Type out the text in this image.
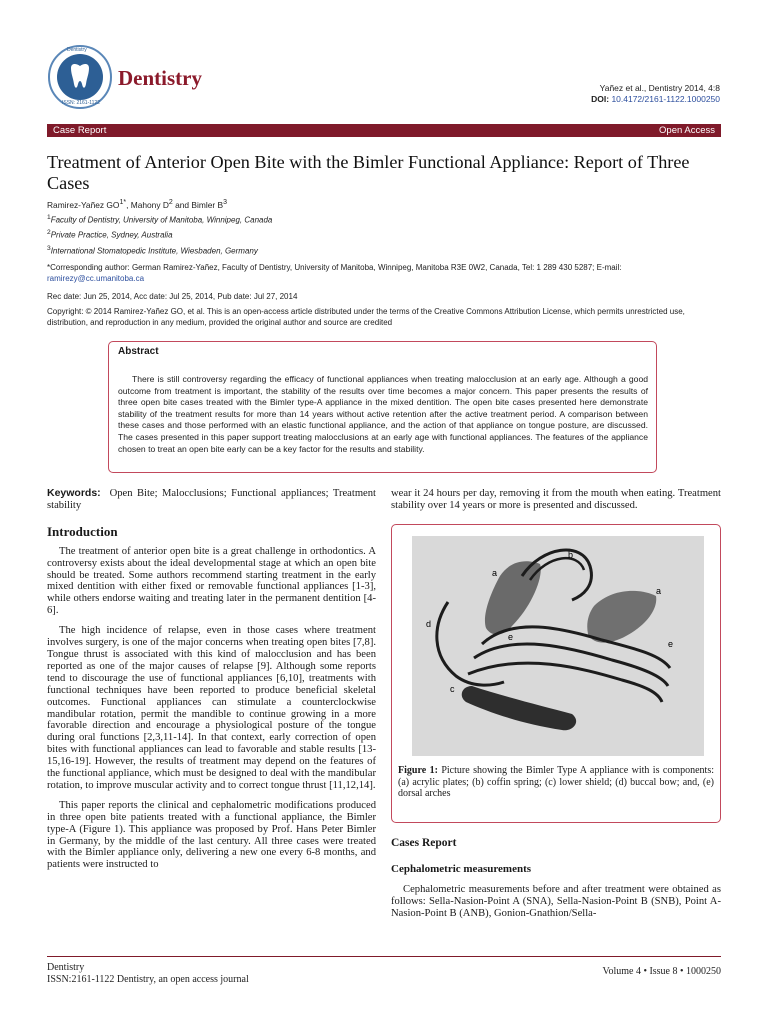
Dentistry
ISSN: 2161-1122
Dentistry	Yañez et al., Dentistry 2014, 4:8
DOI: 10.4172/2161-1122.1000250
Case Report	Open Access
Treatment of Anterior Open Bite with the Bimler Functional Appliance: Report of Three Cases
Ramirez-Yañez $GO^{1*}$, Mahony $D^2$ and Bimler $B^3$
$^1$Faculty of Dentistry, University of Manitoba, Winnipeg, Canada
$^2$Private Practice, Sydney, Australia
$^3$International Stomatopedic Institute, Wiesbaden, Germany
*Corresponding author: German Ramirez-Yañez, Faculty of Dentistry, University of Manitoba, Winnipeg, Manitoba R3E 0W2, Canada, Tel: 1 289 430 5287; E-mail:
ramirezy@cc.umanitoba.ca
Rec date: Jun 25, 2014, Acc date: Jul 25, 2014, Pub date: Jul 27, 2014
Copyright: © 2014 Ramirez-Yañez GO, et al. This is an open-access article distributed under the terms of the Creative Commons Attribution License, which permits unrestricted use, distribution, and reproduction in any medium, provided the original author and source are credited
Abstract
There is still controversy regarding the efficacy of functional appliances when treating malocclusion at an early age. Although a good outcome from treatment is important, the stability of the results over time becomes a major concern. This paper presents the results of three open bite cases treated with the Bimler type-A appliance in the mixed dentition. The open bite cases presented here demonstrate stability of the treatment results for more than 14 years without active retention after the active treatment period. A comparison between these cases and those performed with an elastic functional appliance, and the action of that appliance on tongue posture, are discussed. The cases presented in this paper support treating malocclusions at an early age with functional appliances. The features of the appliance chosen to treat an open bite early can be a key factor for the results and stability.
Keywords: Open Bite; Malocclusions; Functional appliances; Treatment stability
Introduction

The treatment of anterior open bite is a great challenge in orthodontics. A controversy exists about the ideal developmental stage at which an open bite should be treated. Some authors recommend starting treatment in the early mixed dentition with either fixed or removable functional appliances [1-3], while others endorse waiting and treating later in the permanent dentition [4-6].

The high incidence of relapse, even in those cases where treatment involves surgery, is one of the major concerns when treating open bites [7,8]. Tongue thrust is associated with this kind of malocclusion and has been reported as one of the major causes of relapse [9]. Although some reports tend to discourage the use of functional appliances [6,10], treatments with functional techniques have been reported to produce beneficial skeletal outcomes. Functional appliances can stimulate a counterclockwise mandibular rotation, permit the mandible to continue growing in a more favorable direction and encourage a physiological posture of the tongue during oral functions [2,3,11-14]. In that context, early correction of open bites with functional appliances can lead to favorable and stable results [13-15,16-19]. However, the results of treatment may depend on the features of the functional appliance, which must be designed to deal with the mandibular rotation, to improve muscular activity and to correct tongue thrust [11,12,14].

This paper reports the clinical and cephalometric modifications produced in three open bite patients treated with a functional appliance, the Bimler type-A (Figure 1). This appliance was proposed by Prof. Hans Peter Bimler in Germany, by the middle of the last century. All three cases were treated with the Bimler appliance only, delivering a new one every 6-8 months, and patients were instructed to

wear it 24 hours per day, removing it from the mouth when eating. Treatment stability over 14 years or more is presented and discussed.
a
b
a
c
d
e
e
Figure 1: Picture showing the Bimler Type A appliance with is components: (a) acrylic plates; (b) coffin spring; (c) lower shield; (d) buccal bow; and, (e) dorsal arches
Cases Report
Cephalometric measurements

Cephalometric measurements before and after treatment were obtained as follows: Sella-Nasion-Point A (SNA), Sella-Nasion-Point B (SNB), Point A-Nasion-Point B (ANB), Gonion-Gnathion/Sella-

Dentistry
ISSN:2161-1122 Dentistry, an open access journal
Volume 4 • Issue 8 • 1000250
